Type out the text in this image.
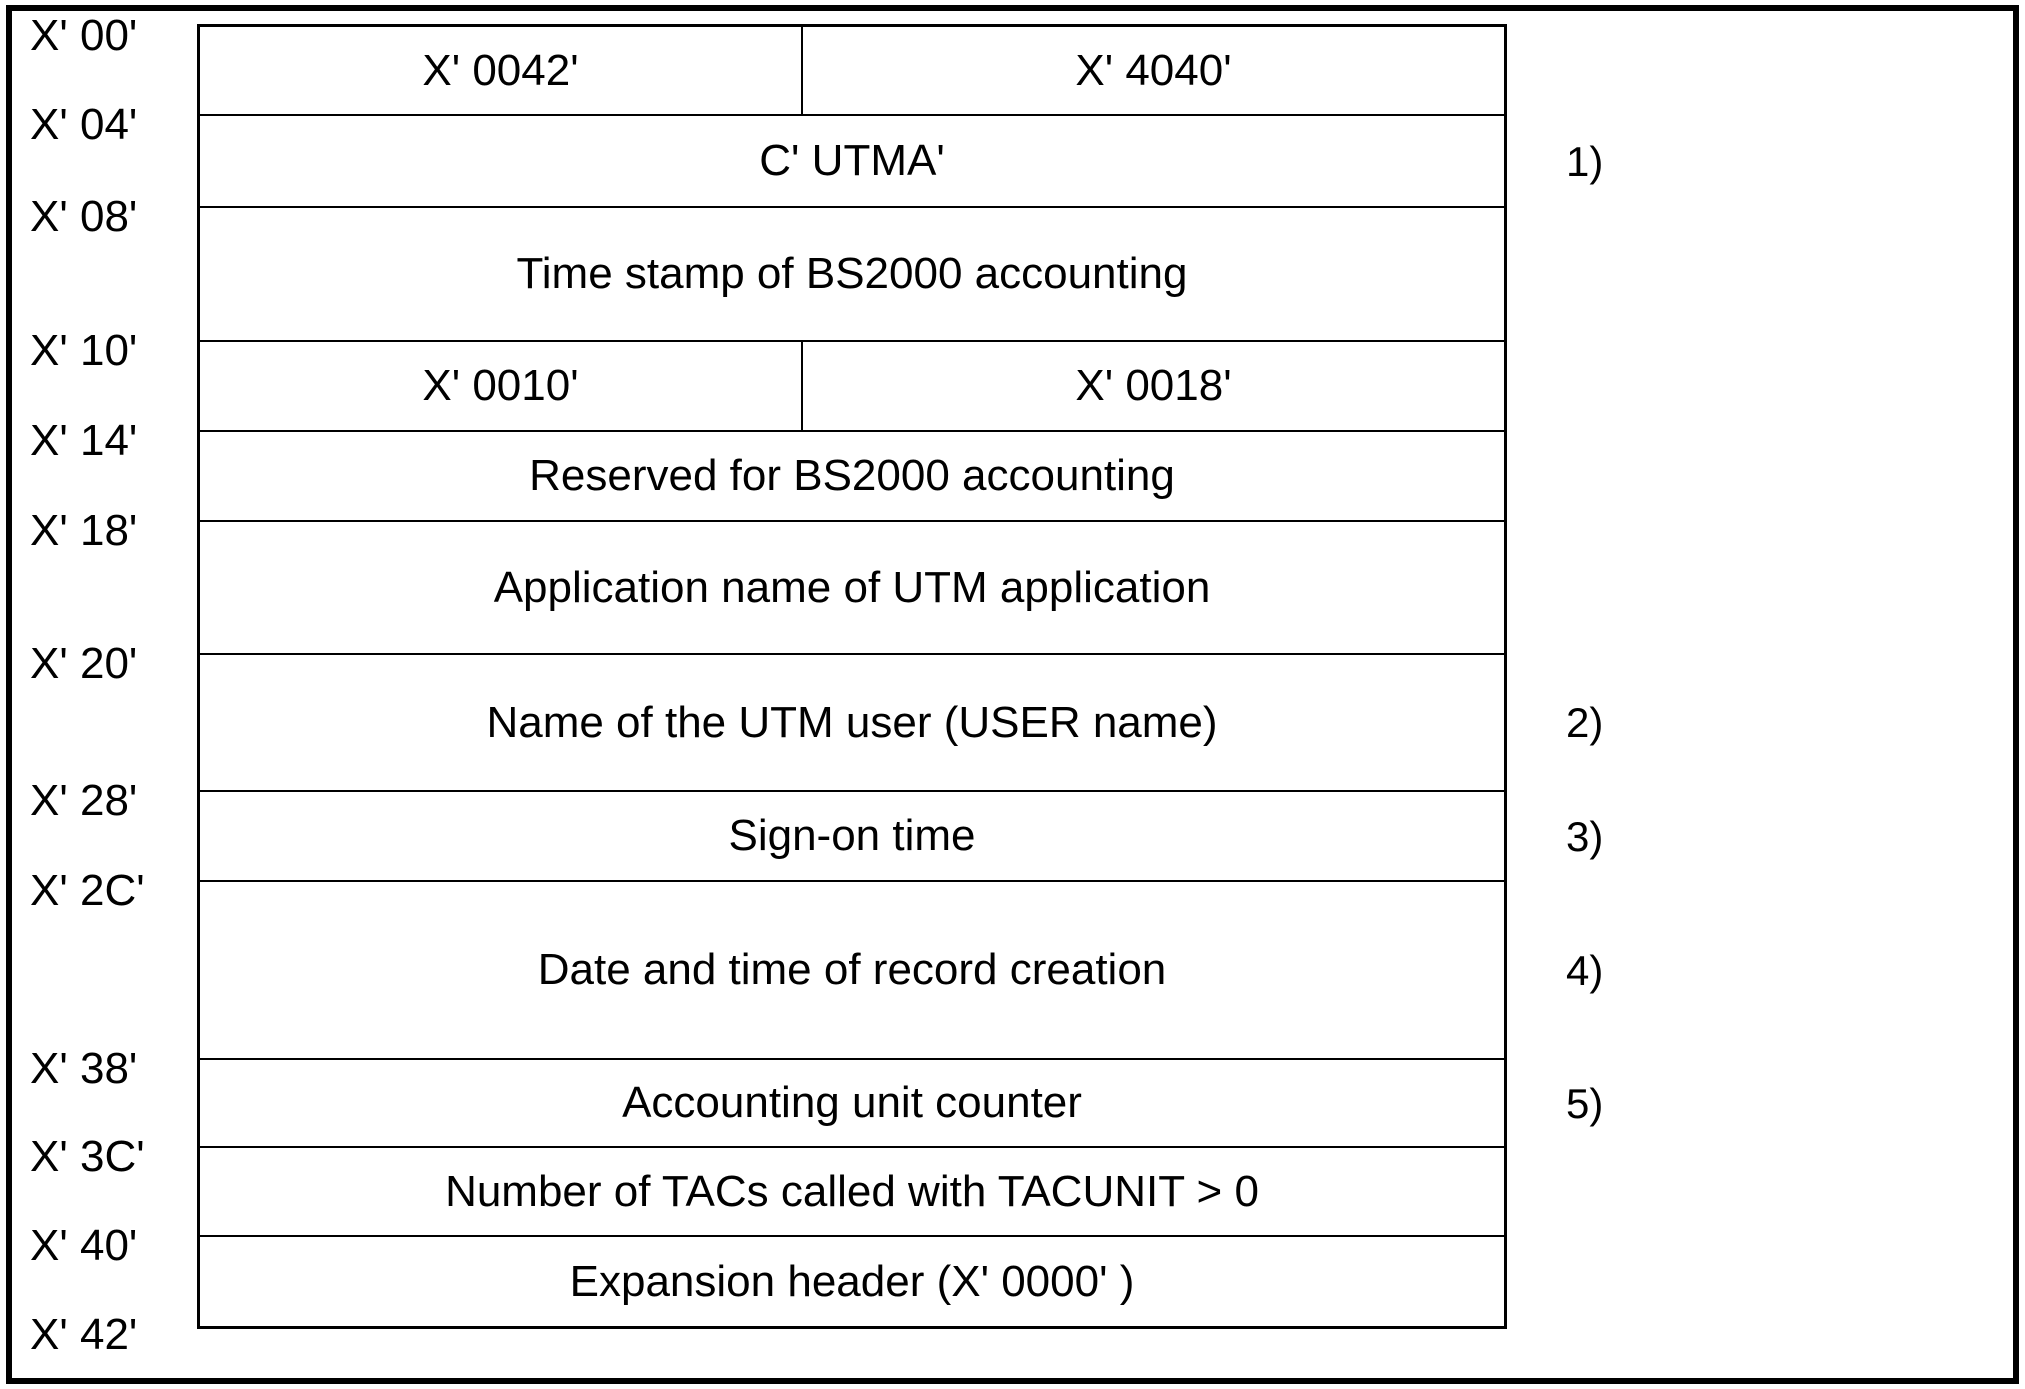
X' 00'
X' 04'
X' 08'
X' 10'
X' 14'
X' 18'
X' 20'
X' 28'
X' 2C'
X' 38'
X' 3C'
X' 40'
X' 42'
X' 0042'	X' 4040'
C' UTMA'
Time stamp of BS2000 accounting
X' 0010'	X' 0018'
Reserved for BS2000 accounting
Application name of UTM application
Name of the UTM user (USER name)
Sign-on time
Date and time of record creation
Accounting unit counter
Number of TACs called with TACUNIT > 0
Expansion header (X' 0000' )
1)
2)
3)
4)
5)
